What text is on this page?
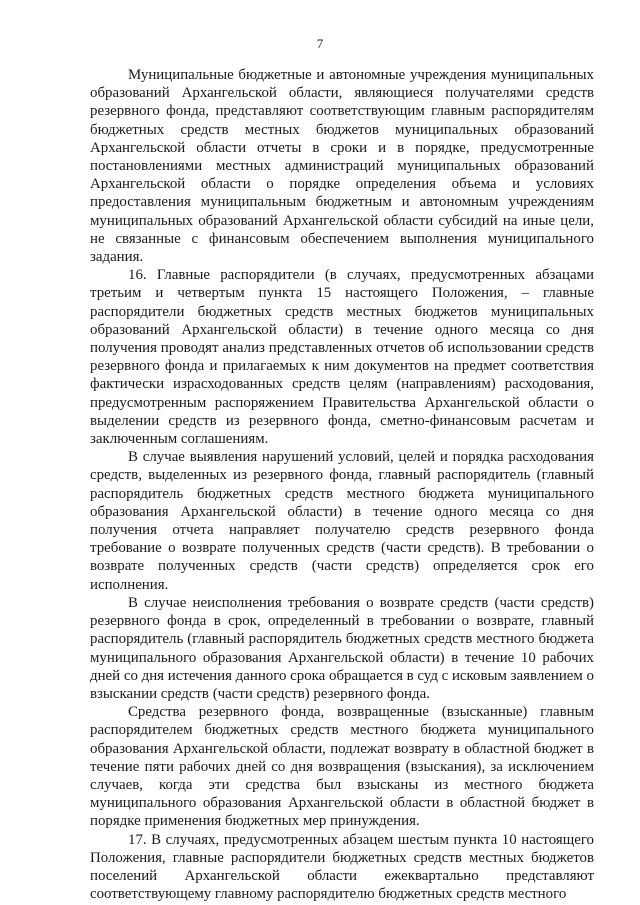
7

Муниципальные бюджетные и автономные учреждения муниципальных образований Архангельской области, являющиеся получателями средств резервного фонда, представляют соответствующим главным распорядителям бюджетных средств местных бюджетов муниципальных образований Архангельской области отчеты в сроки и в порядке, предусмотренные постановлениями местных администраций муниципальных образований Архангельской области о порядке определения объема и условиях предоставления муниципальным бюджетным и автономным учреждениям муниципальных образований Архангельской области субсидий на иные цели, не связанные с финансовым обеспечением выполнения муниципального задания.

16. Главные распорядители (в случаях, предусмотренных абзацами третьим и четвертым пункта 15 настоящего Положения, – главные распорядители бюджетных средств местных бюджетов муниципальных образований Архангельской области) в течение одного месяца со дня получения проводят анализ представленных отчетов об использовании средств резервного фонда и прилагаемых к ним документов на предмет соответствия фактически израсходованных средств целям (направлениям) расходования, предусмотренным распоряжением Правительства Архангельской области о выделении средств из резервного фонда, сметно-финансовым расчетам и заключенным соглашениям.

В случае выявления нарушений условий, целей и порядка расходования средств, выделенных из резервного фонда, главный распорядитель (главный распорядитель бюджетных средств местного бюджета муниципального образования Архангельской области) в течение одного месяца со дня получения отчета направляет получателю средств резервного фонда требование о возврате полученных средств (части средств). В требовании о возврате полученных средств (части средств) определяется срок его исполнения.

В случае неисполнения требования о возврате средств (части средств) резервного фонда в срок, определенный в требовании о возврате, главный распорядитель (главный распорядитель бюджетных средств местного бюджета муниципального образования Архангельской области) в течение 10 рабочих дней со дня истечения данного срока обращается в суд с исковым заявлением о взыскании средств (части средств) резервного фонда.

Средства резервного фонда, возвращенные (взысканные) главным распорядителем бюджетных средств местного бюджета муниципального образования Архангельской области, подлежат возврату в областной бюджет в течение пяти рабочих дней со дня возвращения (взыскания), за исключением случаев, когда эти средства был взысканы из местного бюджета муниципального образования Архангельской области в областной бюджет в порядке применения бюджетных мер принуждения.

17. В случаях, предусмотренных абзацем шестым пункта 10 настоящего Положения, главные распорядители бюджетных средств местных бюджетов поселений Архангельской области ежеквартально представляют соответствующему главному распорядителю бюджетных средств местного
